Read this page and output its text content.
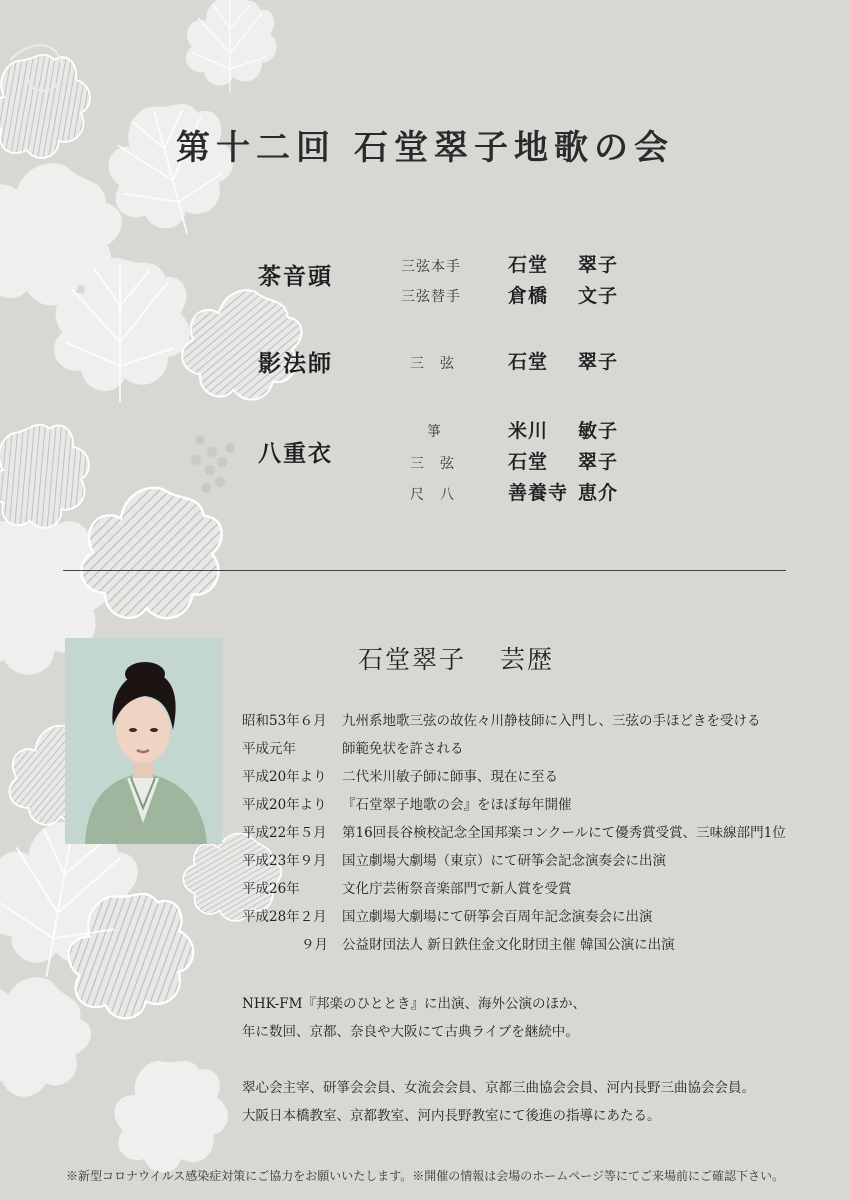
第十二回 石堂翠子地歌の会
茶音頭	三弦本手 石堂 翠子
三弦替手 倉橋 文子
影法師	三　弦	石堂 翠子
八重衣
箏	米川 敏子
三　弦	石堂 翠子
尺　八	善養寺 恵介
石堂翠子 芸歴
昭和53年６月 九州系地歌三弦の故佐々川静枝師に入門し、三弦の手ほどきを受ける
平成元年	師範免状を許される
平成20年より 二代米川敏子師に師事、現在に至る
平成20年より 『石堂翠子地歌の会』をほぼ毎年開催
平成22年５月 第16回長谷検校記念全国邦楽コンクールにて優秀賞受賞、三味線部門1位
平成23年９月 国立劇場大劇場（東京）にて研筝会記念演奏会に出演
平成26年	文化庁芸術祭音楽部門で新人賞を受賞
平成28年２月 国立劇場大劇場にて研筝会百周年記念演奏会に出演
９月 公益財団法人 新日鉄住金文化財団主催 韓国公演に出演
NHK-FM『邦楽のひととき』に出演、海外公演のほか、
年に数回、京都、奈良や大阪にて古典ライブを継続中。
翠心会主宰、研箏会会員、女流会会員、京都三曲協会会員、河内長野三曲協会会員。
大阪日本橋教室、京都教室、河内長野教室にて後進の指導にあたる。
※新型コロナウイルス感染症対策にご協力をお願いいたします。※開催の情報は会場のホームページ等にてご来場前にご確認下さい。
